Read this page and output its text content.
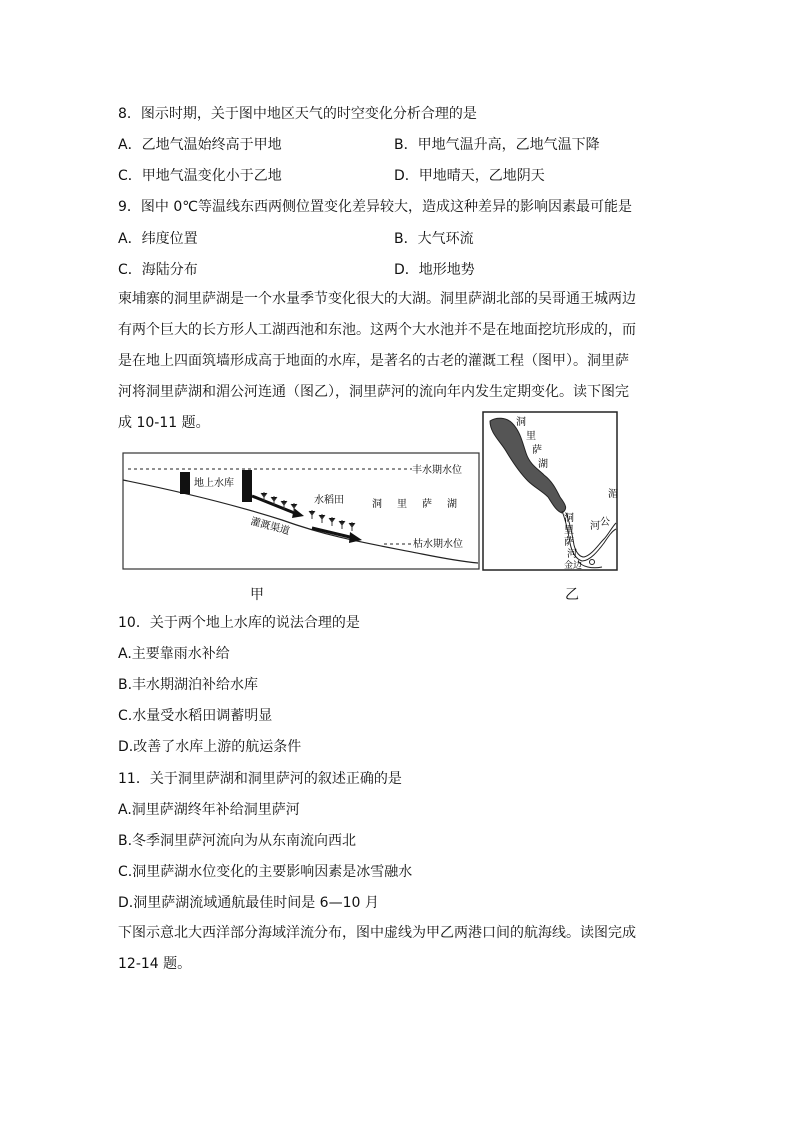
8．图示时期，关于图中地区天气的时空变化分析合理的是
A．乙地气温始终高于甲地	B．甲地气温升高，乙地气温下降
C．甲地气温变化小于乙地	D．甲地晴天，乙地阴天
9．图中 0℃等温线东西两侧位置变化差异较大，造成这种差异的影响因素最可能是
A．纬度位置	B．大气环流
C．海陆分布	D．地形地势
柬埔寨的洞里萨湖是一个水量季节变化很大的大湖。洞里萨湖北部的吴哥通王城两边有两个巨大的长方形人工湖西池和东池。这两个大水池并不是在地面挖坑形成的，而是在地上四面筑墙形成高于地面的水库，是著名的古老的灌溉工程（图甲）。洞里萨河将洞里萨湖和湄公河连通（图乙），洞里萨河的流向年内发生定期变化。读下图完成 10-11 题。
地上水库
丰水期水位
水稻田	洞 里 萨 湖
灌溉渠道
枯水期水位
甲
洞
里
萨
湖
洞
里
萨
河
湄
公
河
金边
乙
10．关于两个地上水库的说法合理的是
A.主要靠雨水补给
B.丰水期湖泊补给水库
C.水量受水稻田调蓄明显
D.改善了水库上游的航运条件
11．关于洞里萨湖和洞里萨河的叙述正确的是
A.洞里萨湖终年补给洞里萨河
B.冬季洞里萨河流向为从东南流向西北
C.洞里萨湖水位变化的主要影响因素是冰雪融水
D.洞里萨湖流域通航最佳时间是 6—10 月
下图示意北大西洋部分海域洋流分布，图中虚线为甲乙两港口间的航海线。读图完成 12-14 题。
